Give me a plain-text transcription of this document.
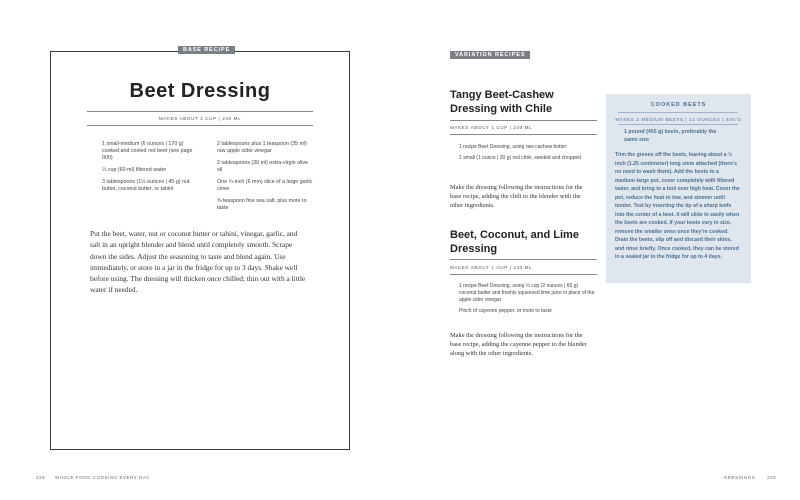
BASE RECIPE
Beet Dressing
MAKES ABOUT 1 CUP | 240 ML
1 small-medium (6 ounces | 170 g) cooked and cooled red beet (see page 000)
¼ cup (60 ml) filtered water
3 tablespoons (1½ ounces | 45 g) nut butter, coconut butter, or tahini
2 tablespoons plus 1 teaspoon (35 ml) raw apple cider vinegar
2 tablespoons (30 ml) extra-virgin olive oil
One ¼-inch (6 mm) slice of a large garlic clove
⅜ teaspoon fine sea salt, plus more to taste
Put the beet, water, nut or coconut butter or tahini, vinegar, garlic, and salt in an upright blender and blend until completely smooth. Scrape down the sides. Adjust the seasoning to taste and blend again. Use immediately, or store in a jar in the fridge for up to 3 days. Shake well before using. The dressing will thicken once chilled; thin out with a little water if needed.
VARIATION RECIPES
Tangy Beet-Cashew Dressing with Chile
MAKES ABOUT 1 CUP | 240 ML
1 recipe Beet Dressing, using raw cashew butter
1 small (1 ounce | 30 g) red chile, seeded and chopped
Make the dressing following the instructions for the base recipe, adding the chili to the blender with the other ingredients.
Beet, Coconut, and Lime Dressing
MAKES ABOUT 1 CUP | 240 ML
1 recipe Beet Dressing, using ¼ cup (2 ounces | 60 g) coconut butter and freshly squeezed lime juice in place of the apple cider vinegar
Pinch of cayenne pepper, or more to taste
Make the dressing following the instructions for the base recipe, adding the cayenne pepper to the blender along with the other ingredients.
COOKED BEETS
MAKES 3 MEDIUM BEETS | 14 OUNCES | 400 G
1 pound (455 g) beets, preferably the same size
Trim the greens off the beets, leaving about a ½ inch (1.25 centimeter) long stem attached (there's no need to wash them). Add the beets to a medium-large pot, cover completely with filtered water, and bring to a boil over high heat. Cover the pot, reduce the heat to low, and simmer until tender. Test by inserting the tip of a sharp knife into the center of a beet. It will slide in easily when the beets are cooked. If your beets vary in size, remove the smaller ones once they're cooked. Drain the beets, slip off and discard their skins, and rinse briefly. Once cooked, they can be stored in a sealed jar in the fridge for up to 4 days.
228 WHOLE FOOD COOKING EVERY DAY	DRESSINGS	229
